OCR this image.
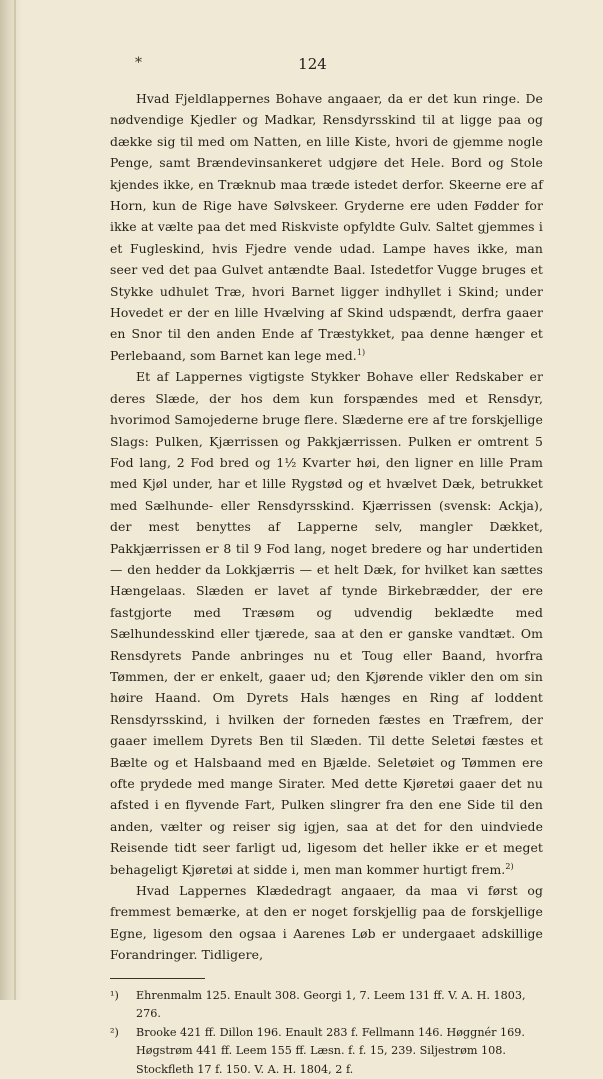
*	124

Hvad Fjeldlappernes Bohave angaaer, da er det kun ringe. De nødvendige Kjedler og Madkar, Rensdyrsskind til at ligge paa og dække sig til med om Natten, en lille Kiste, hvori de gjemme nogle Penge, samt Brændevinsankeret udgjøre det Hele. Bord og Stole kjendes ikke, en Træknub maa træde istedet derfor. Skeerne ere af Horn, kun de Rige have Sølvskeer. Gryderne ere uden Fødder for ikke at vælte paa det med Riskviste opfyldte Gulv. Saltet gjemmes i et Fugleskind, hvis Fjedre vende udad. Lampe haves ikke, man seer ved det paa Gulvet antændte Baal. Istedetfor Vugge bruges et Stykke udhulet Træ, hvori Barnet ligger indhyllet i Skind; under Hovedet er der en lille Hvælving af Skind udspændt, derfra gaaer en Snor til den anden Ende af Træstykket, paa denne hænger et Perlebaand, som Barnet kan lege med.$^{1)}$

Et af Lappernes vigtigste Stykker Bohave eller Redskaber er deres Slæde, der hos dem kun forspændes med et Rensdyr, hvorimod Samojederne bruge flere. Slæderne ere af tre forskjellige Slags: Pulken, Kjærrissen og Pakkjærrissen. Pulken er omtrent 5 Fod lang, 2 Fod bred og 1½ Kvarter høi, den ligner en lille Pram med Kjøl under, har et lille Rygstød og et hvælvet Dæk, betrukket med Sælhunde- eller Rensdyrsskind. Kjærrissen (svensk: Ackja), der mest benyttes af Lapperne selv, mangler Dækket, Pakkjærrissen er 8 til 9 Fod lang, noget bredere og har undertiden — den hedder da Lokkjærris — et helt Dæk, for hvilket kan sættes Hængelaas. Slæden er lavet af tynde Birkebrædder, der ere fastgjorte med Træsøm og udvendig beklædte med Sælhundesskind eller tjærede, saa at den er ganske vandtæt. Om Rensdyrets Pande anbringes nu et Toug eller Baand, hvorfra Tømmen, der er enkelt, gaaer ud; den Kjørende vikler den om sin høire Haand. Om Dyrets Hals hænges en Ring af loddent Rensdyrsskind, i hvilken der forneden fæstes en Træfrem, der gaaer imellem Dyrets Ben til Slæden. Til dette Seletøi fæstes et Bælte og et Halsbaand med en Bjælde. Seletøiet og Tømmen ere ofte prydede med mange Sirater. Med dette Kjøretøi gaaer det nu afsted i en flyvende Fart, Pulken slingrer fra den ene Side til den anden, vælter og reiser sig igjen, saa at det for den uindviede Reisende tidt seer farligt ud, ligesom det heller ikke er et meget behageligt Kjøretøi at sidde i, men man kommer hurtigt frem.$^{2)}$

Hvad Lappernes Klædedragt angaaer, da maa vi først og fremmest bemærke, at den er noget forskjellig paa de forskjellige Egne, ligesom den ogsaa i Aarenes Løb er undergaaet adskillige Forandringer. Tidligere,

¹)	Ehrenmalm 125. Enault 308. Georgi 1, 7. Leem 131 ff. V. A. H. 1803, 276.
²)	Brooke 421 ff. Dillon 196. Enault 283 f. Fellmann 146. Høggnér 169. Høgstrøm 441 ff. Leem 155 ff. Læsn. f. f. 15, 239. Siljestrøm 108. Stockfleth 17 f. 150. V. A. H. 1804, 2 f.
